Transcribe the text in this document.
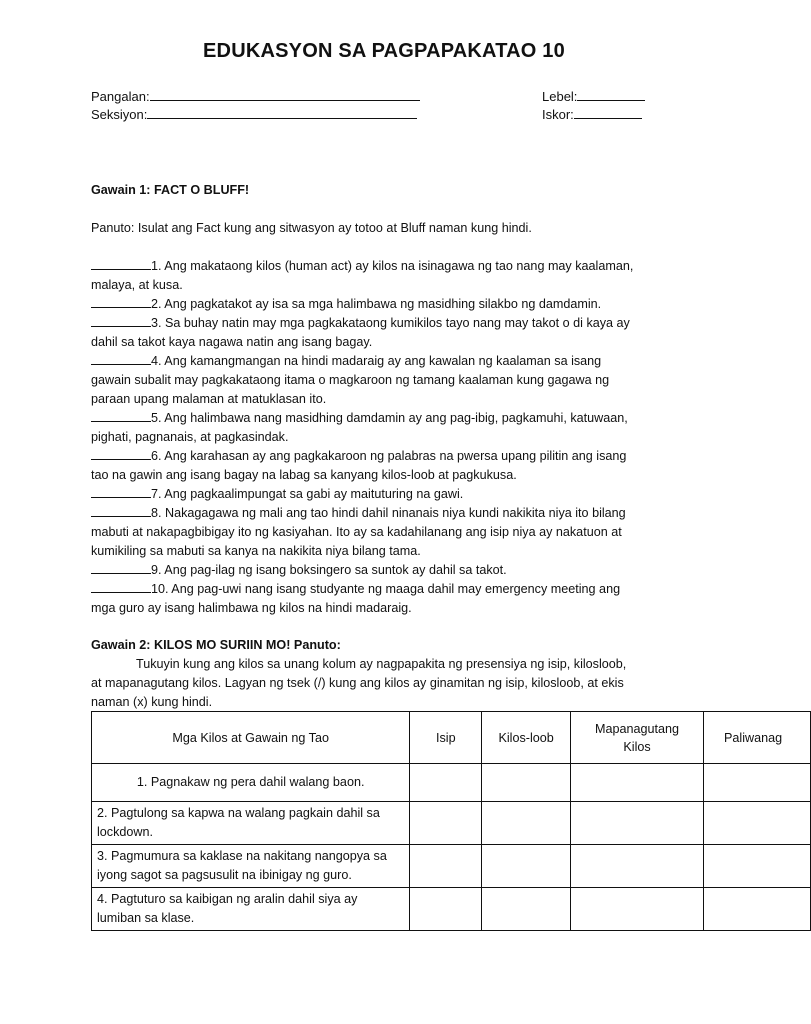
EDUKASYON SA PAGPAPAKATAO 10
Pangalan:	Lebel:
Seksiyon:	Iskor:
Gawain 1: FACT O BLUFF!
Panuto: Isulat ang Fact kung ang sitwasyon ay totoo at Bluff naman kung hindi.
1. Ang makataong kilos (human act) ay kilos na isinagawa ng tao nang may kaalaman,
malaya, at kusa.
2. Ang pagkatakot ay isa sa mga halimbawa ng masidhing silakbo ng damdamin.
3. Sa buhay natin may mga pagkakataong kumikilos tayo nang may takot o di kaya ay
dahil sa takot kaya nagawa natin ang isang bagay.
4. Ang kamangmangan na hindi madaraig ay ang kawalan ng kaalaman sa isang
gawain subalit may pagkakataong itama o magkaroon ng tamang kaalaman kung gagawa ng
paraan upang malaman at matuklasan ito.
5. Ang halimbawa nang masidhing damdamin ay ang pag-ibig, pagkamuhi, katuwaan,
pighati, pagnanais, at pagkasindak.
6. Ang karahasan ay ang pagkakaroon ng palabras na pwersa upang pilitin ang isang
tao na gawin ang isang bagay na labag sa kanyang kilos-loob at pagkukusa.
7. Ang pagkaalimpungat sa gabi ay maituturing na gawi.
8. Nakagagawa ng mali ang tao hindi dahil ninanais niya kundi nakikita niya ito bilang
mabuti at nakapagbibigay ito ng kasiyahan. Ito ay sa kadahilanang ang isip niya ay nakatuon at
kumikiling sa mabuti sa kanya na nakikita niya bilang tama.
9. Ang pag-ilag ng isang boksingero sa suntok ay dahil sa takot.
10. Ang pag-uwi nang isang studyante ng maaga dahil may emergency meeting ang
mga guro ay isang halimbawa ng kilos na hindi madaraig.
Gawain 2: KILOS MO SURIIN MO! Panuto:
Tukuyin kung ang kilos sa unang kolum ay nagpapakita ng presensiya ng isip, kilosloob,
at mapanagutang kilos. Lagyan ng tsek (/) kung ang kilos ay ginamitan ng isip, kilosloob, at ekis
naman (x) kung hindi.
Mga Kilos at Gawain ng Tao	Isip	Kilos-loob	Mapanagutang Kilos	Paliwanag
1. Pagnakaw ng pera dahil walang baon.				
2. Pagtulong sa kapwa na walang pagkain dahil sa lockdown.				
3. Pagmumura sa kaklase na nakitang nangopya sa iyong sagot sa pagsusulit na ibinigay ng guro.				
4. Pagtuturo sa kaibigan ng aralin dahil siya ay lumiban sa klase.				
